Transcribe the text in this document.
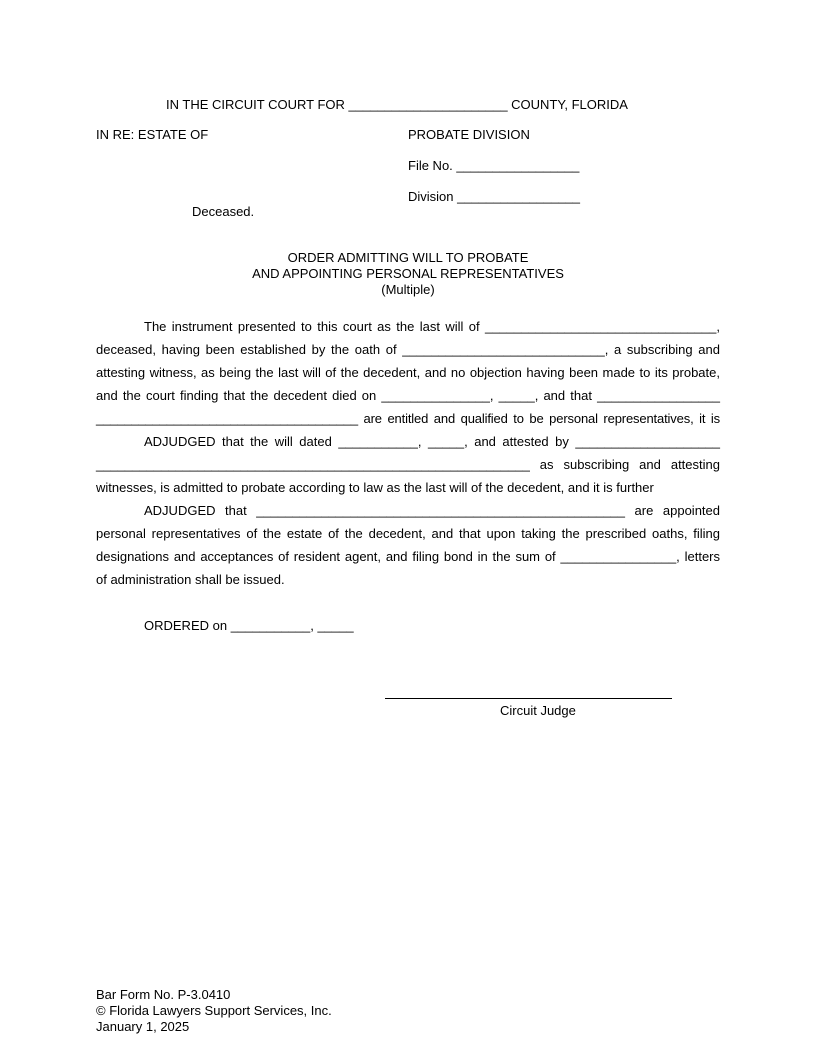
IN THE CIRCUIT COURT FOR ______________________ COUNTY, FLORIDA
IN RE: ESTATE OF	PROBATE DIVISION
File No. _________________
Division _________________
Deceased.
ORDER ADMITTING WILL TO PROBATE
AND APPOINTING PERSONAL REPRESENTATIVES
(Multiple)
The instrument presented to this court as the last will of ________________________________,
deceased, having been established by the oath of ____________________________, a subscribing and
attesting witness, as being the last will of the decedent, and no objection having been made to its probate,
and the court finding that the decedent died on _______________, _____, and that _________________
_____________________________________ are entitled and qualified to be personal representatives, it is
ADJUDGED that the will dated ___________, _____, and attested by ____________________
____________________________________________________________ as subscribing and attesting
witnesses, is admitted to probate according to law as the last will of the decedent, and it is further
ADJUDGED that ___________________________________________________ are appointed
personal representatives of the estate of the decedent, and that upon taking the prescribed oaths, filing
designations and acceptances of resident agent, and filing bond in the sum of ________________, letters
of administration shall be issued.
ORDERED on ___________, _____
Circuit Judge
Bar Form No. P-3.0410
© Florida Lawyers Support Services, Inc.
January 1, 2025
